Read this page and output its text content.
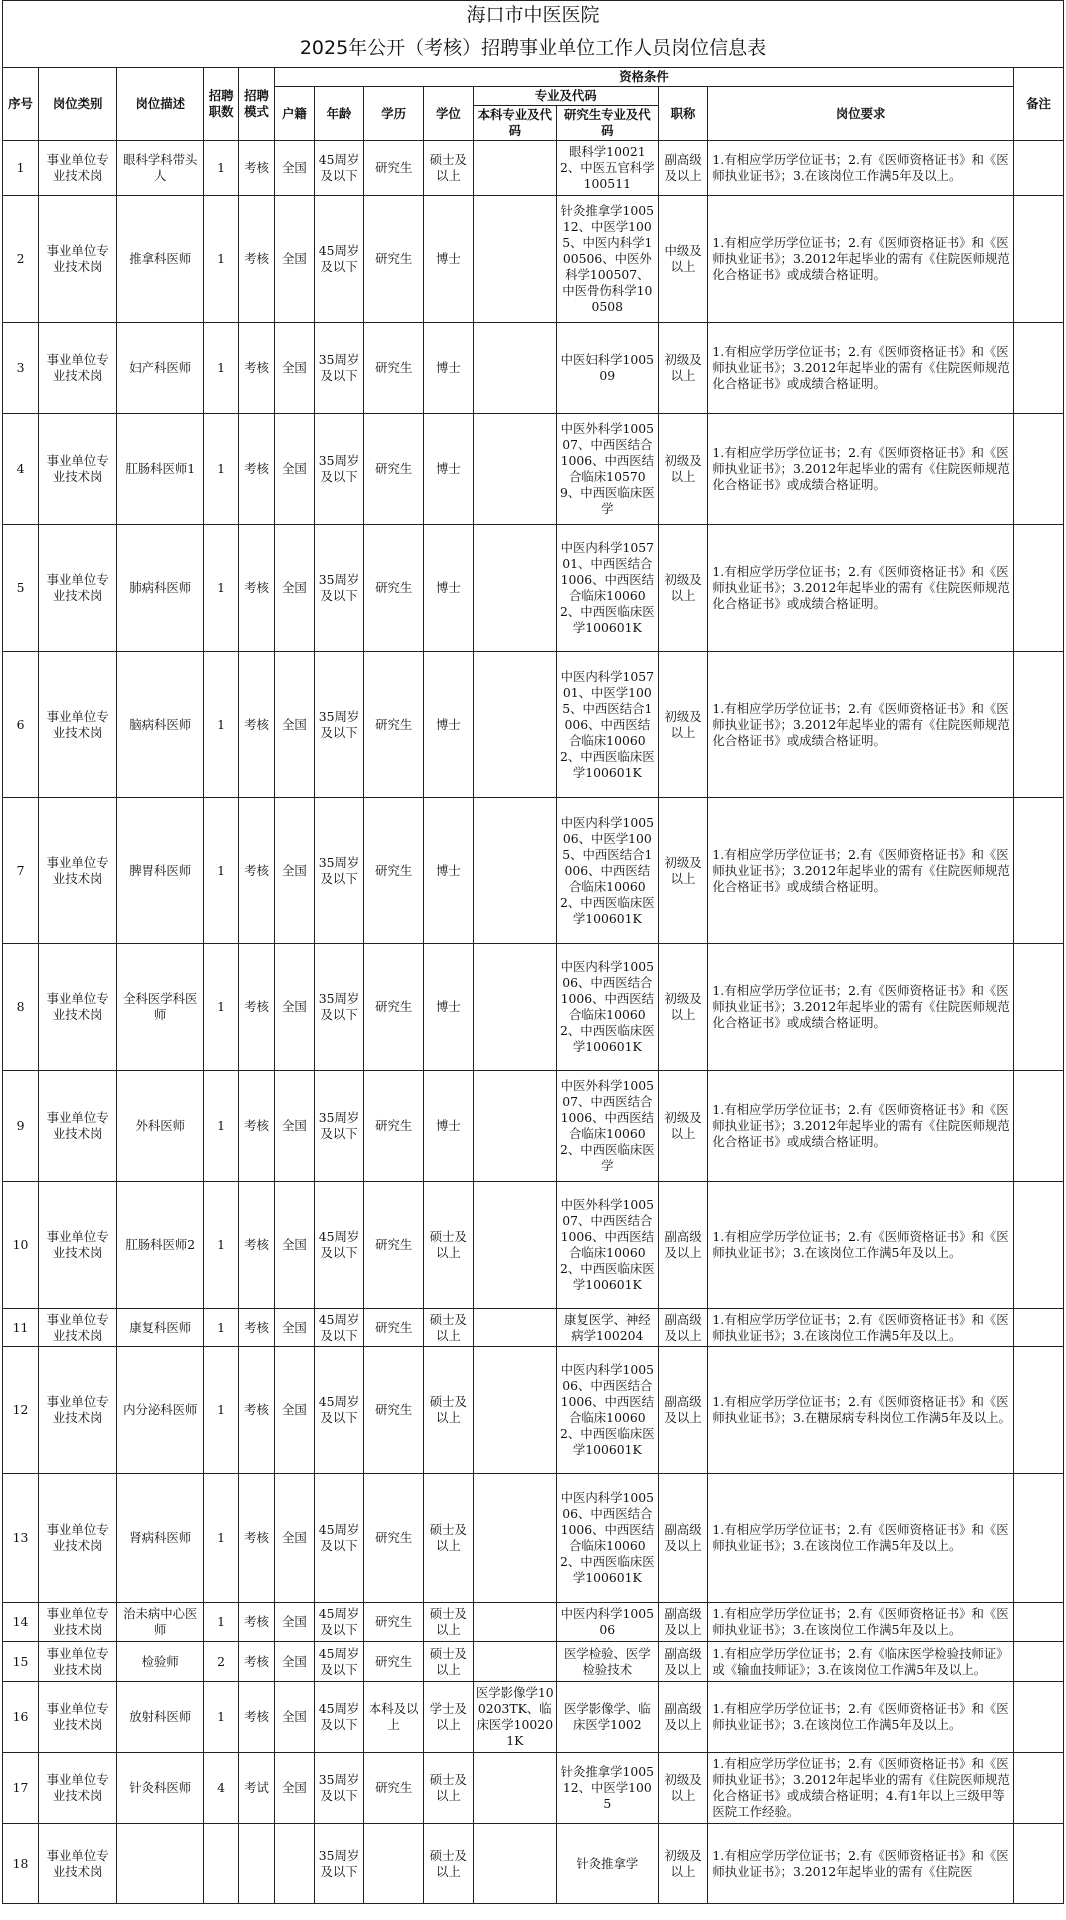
海口市中医医院													
2025年公开（考核）招聘事业单位工作人员岗位信息表													
序号	岗位类别	岗位描述	招聘职数	招聘模式	资格条件								备注
					户籍	年龄	学历	学位	专业及代码		职称	岗位要求	
									本科专业及代码	研究生专业及代码			
1	事业单位专业技术岗	眼科学科带头人	1	考核	全国	45周岁及以下	研究生	硕士及以上		眼科学100212、中医五官科学100511	副高级及以上	1.有相应学历学位证书；2.有《医师资格证书》和《医师执业证书》；3.在该岗位工作满5年及以上。	
2	事业单位专业技术岗	推拿科医师	1	考核	全国	45周岁及以下	研究生	博士		针灸推拿学100512、中医学1005、中医内科学100506、中医外科学100507、中医骨伤科学100508	中级及以上	1.有相应学历学位证书；2.有《医师资格证书》和《医师执业证书》；3.2012年起毕业的需有《住院医师规范化合格证书》或成绩合格证明。	
3	事业单位专业技术岗	妇产科医师	1	考核	全国	35周岁及以下	研究生	博士		中医妇科学100509	初级及以上	1.有相应学历学位证书；2.有《医师资格证书》和《医师执业证书》；3.2012年起毕业的需有《住院医师规范化合格证书》或成绩合格证明。	
4	事业单位专业技术岗	肛肠科医师1	1	考核	全国	35周岁及以下	研究生	博士		中医外科学100507、中西医结合1006、中西医结合临床105709、中西医临床医学	初级及以上	1.有相应学历学位证书；2.有《医师资格证书》和《医师执业证书》；3.2012年起毕业的需有《住院医师规范化合格证书》或成绩合格证明。	
5	事业单位专业技术岗	肺病科医师	1	考核	全国	35周岁及以下	研究生	博士		中医内科学105701、中西医结合1006、中西医结合临床100602、中西医临床医学100601K	初级及以上	1.有相应学历学位证书；2.有《医师资格证书》和《医师执业证书》；3.2012年起毕业的需有《住院医师规范化合格证书》或成绩合格证明。	
6	事业单位专业技术岗	脑病科医师	1	考核	全国	35周岁及以下	研究生	博士		中医内科学105701、中医学1005、中西医结合1006、中西医结合临床100602、中西医临床医学100601K	初级及以上	1.有相应学历学位证书；2.有《医师资格证书》和《医师执业证书》；3.2012年起毕业的需有《住院医师规范化合格证书》或成绩合格证明。	
7	事业单位专业技术岗	脾胃科医师	1	考核	全国	35周岁及以下	研究生	博士		中医内科学100506、中医学1005、中西医结合1006、中西医结合临床100602、中西医临床医学100601K	初级及以上	1.有相应学历学位证书；2.有《医师资格证书》和《医师执业证书》；3.2012年起毕业的需有《住院医师规范化合格证书》或成绩合格证明。	
8	事业单位专业技术岗	全科医学科医师	1	考核	全国	35周岁及以下	研究生	博士		中医内科学100506、中西医结合1006、中西医结合临床100602、中西医临床医学100601K	初级及以上	1.有相应学历学位证书；2.有《医师资格证书》和《医师执业证书》；3.2012年起毕业的需有《住院医师规范化合格证书》或成绩合格证明。	
9	事业单位专业技术岗	外科医师	1	考核	全国	35周岁及以下	研究生	博士		中医外科学100507、中西医结合1006、中西医结合临床100602、中西医临床医学	初级及以上	1.有相应学历学位证书；2.有《医师资格证书》和《医师执业证书》；3.2012年起毕业的需有《住院医师规范化合格证书》或成绩合格证明。	
10	事业单位专业技术岗	肛肠科医师2	1	考核	全国	45周岁及以下	研究生	硕士及以上		中医外科学100507、中西医结合1006、中西医结合临床100602、中西医临床医学100601K	副高级及以上	1.有相应学历学位证书；2.有《医师资格证书》和《医师执业证书》；3.在该岗位工作满5年及以上。	
11	事业单位专业技术岗	康复科医师	1	考核	全国	45周岁及以下	研究生	硕士及以上		康复医学、神经病学100204	副高级及以上	1.有相应学历学位证书；2.有《医师资格证书》和《医师执业证书》；3.在该岗位工作满5年及以上。	
12	事业单位专业技术岗	内分泌科医师	1	考核	全国	45周岁及以下	研究生	硕士及以上		中医内科学100506、中西医结合1006、中西医结合临床100602、中西医临床医学100601K	副高级及以上	1.有相应学历学位证书；2.有《医师资格证书》和《医师执业证书》；3.在糖尿病专科岗位工作满5年及以上。	
13	事业单位专业技术岗	肾病科医师	1	考核	全国	45周岁及以下	研究生	硕士及以上		中医内科学100506、中西医结合1006、中西医结合临床100602、中西医临床医学100601K	副高级及以上	1.有相应学历学位证书；2.有《医师资格证书》和《医师执业证书》；3.在该岗位工作满5年及以上。	
14	事业单位专业技术岗	治未病中心医师	1	考核	全国	45周岁及以下	研究生	硕士及以上		中医内科学100506	副高级及以上	1.有相应学历学位证书；2.有《医师资格证书》和《医师执业证书》；3.在该岗位工作满5年及以上。	
15	事业单位专业技术岗	检验师	2	考核	全国	45周岁及以下	研究生	硕士及以上		医学检验、医学检验技术	副高级及以上	1.有相应学历学位证书；2.有《临床医学检验技师证》或《输血技师证》；3.在该岗位工作满5年及以上。	
16	事业单位专业技术岗	放射科医师	1	考核	全国	45周岁及以下	本科及以上	学士及以上	医学影像学100203TK、临床医学100201K	医学影像学、临床医学1002	副高级及以上	1.有相应学历学位证书；2.有《医师资格证书》和《医师执业证书》；3.在该岗位工作满5年及以上。	
17	事业单位专业技术岗	针灸科医师	4	考试	全国	35周岁及以下	研究生	硕士及以上		针灸推拿学100512、中医学1005	初级及以上	1.有相应学历学位证书；2.有《医师资格证书》和《医师执业证书》；3.2012年起毕业的需有《住院医师规范化合格证书》或成绩合格证明；4.有1年以上三级甲等医院工作经验。	
18	事业单位专业技术岗					35周岁及以下		硕士及以上		针灸推拿学	初级及以上	1.有相应学历学位证书；2.有《医师资格证书》和《医师执业证书》；3.2012年起毕业的需有《住院医	
